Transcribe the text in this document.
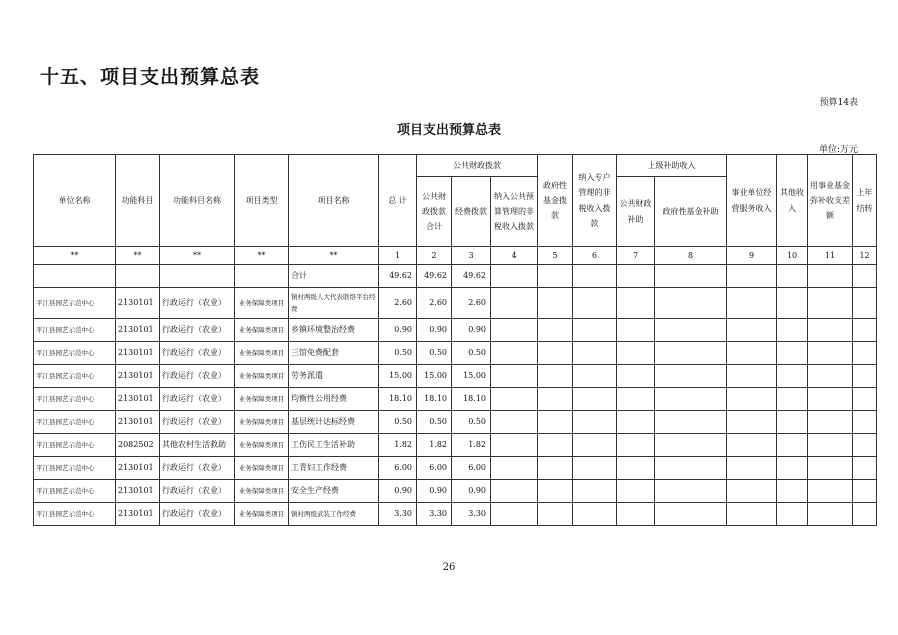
十五、项目支出预算总表
预算14表
项目支出预算总表
单位:万元
单位名称	功能科目	功能科目名称	项目类型	项目名称	总 计	公共财政拨款			政府性基金拨款	纳入专户管理的非税收入拨款	上级补助收入		事业单位经营服务收入	其他收入	用事业基金弥补收支差额	上年结转
						公共财政拨款合计	经费拨款	纳入公共预算管理的非税收入拨款			公共财政补助	政府性基金补助				
**	**	**	**	**	1	2	3	4	5	6	7	8	9	10	11	12
				合计	49.62	49.62	49.62									
平江县园艺示范中心	2130101	行政运行（农业）	业务保障类项目	镇村两级人大代表联络平台经费	2.60	2.60	2.60									
平江县园艺示范中心	2130101	行政运行（农业）	业务保障类项目	乡镇环境整治经费	0.90	0.90	0.90									
平江县园艺示范中心	2130101	行政运行（农业）	业务保障类项目	三馆免费配套	0.50	0.50	0.50									
平江县园艺示范中心	2130101	行政运行（农业）	业务保障类项目	劳务派遣	15.00	15.00	15.00									
平江县园艺示范中心	2130101	行政运行（农业）	业务保障类项目	均衡性公用经费	18.10	18.10	18.10									
平江县园艺示范中心	2130101	行政运行（农业）	业务保障类项目	基层统计达标经费	0.50	0.50	0.50									
平江县园艺示范中心	2082502	其他农村生活救助	业务保障类项目	工伤民工生活补助	1.82	1.82	1.82									
平江县园艺示范中心	2130101	行政运行（农业）	业务保障类项目	工青妇工作经费	6.00	6.00	6.00									
平江县园艺示范中心	2130101	行政运行（农业）	业务保障类项目	安全生产经费	0.90	0.90	0.90									
平江县园艺示范中心	2130101	行政运行（农业）	业务保障类项目	镇村两级武装工作经费	3.30	3.30	3.30									
26
